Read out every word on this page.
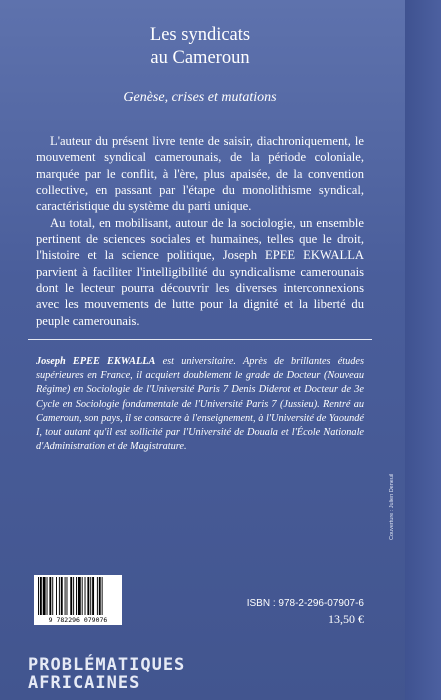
Les syndicats
au Cameroun
Genèse, crises et mutations

L'auteur du présent livre tente de saisir, diachroniquement, le mouvement syndical camerounais, de la période coloniale, marquée par le conflit, à l'ère, plus apaisée, de la convention collective, en passant par l'étape du monolithisme syndical, caractéristique du système du parti unique.

Au total, en mobilisant, autour de la sociologie, un ensemble pertinent de sciences sociales et humaines, telles que le droit, l'histoire et la science politique, Joseph EPEE EKWALLA parvient à faciliter l'intelligibilité du syndicalisme camerounais dont le lecteur pourra découvrir les diverses interconnexions avec les mouvements de lutte pour la dignité et la liberté du peuple camerounais.

Joseph EPEE EKWALLA est universitaire. Après de brillantes études supérieures en France, il acquiert doublement le grade de Docteur (Nouveau Régime) en Sociologie de l'Université Paris 7 Denis Diderot et Docteur de 3e Cycle en Sociologie fondamentale de l'Université Paris 7 (Jussieu). Rentré au Cameroun, son pays, il se consacre à l'enseignement, à l'Université de Yaoundé I, tout autant qu'il est sollicité par l'Université de Douala et l'École Nationale d'Administration et de Magistrature.
9 782296 079076
ISBN : 978-2-296-07907-6
13,50 €
Couverture : Julien Deneuil
PROBLÉMATIQUES
AFRICAINES
